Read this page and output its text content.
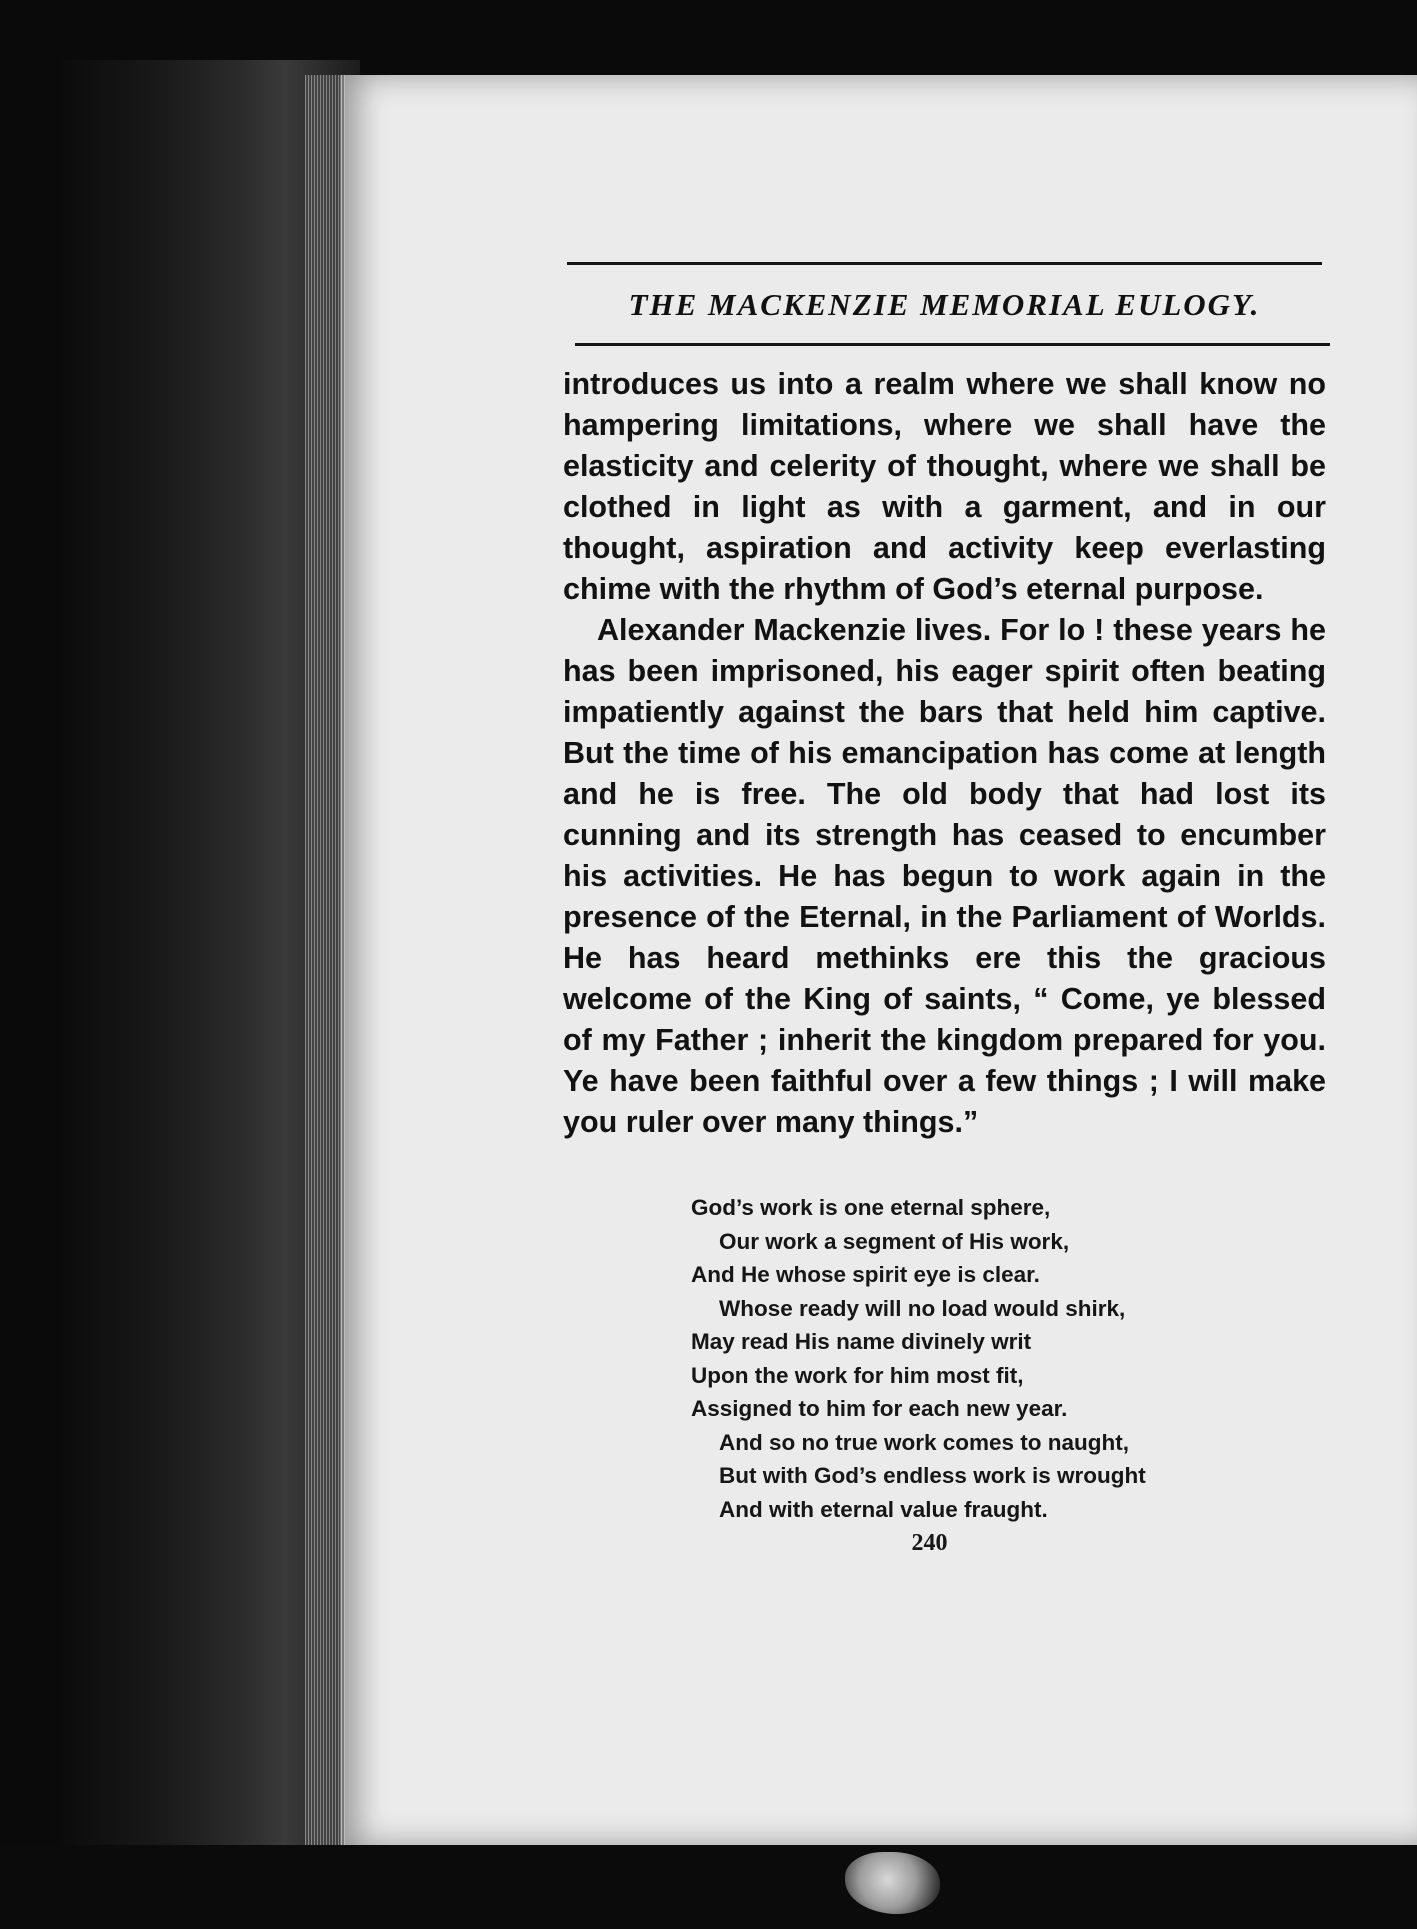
THE MACKENZIE MEMORIAL EULOGY.

introduces us into a realm where we shall know no hampering limitations, where we shall have the elasticity and celerity of thought, where we shall be clothed in light as with a garment, and in our thought, aspiration and activity keep everlasting chime with the rhythm of God’s eternal purpose.

Alexander Mackenzie lives. For lo ! these years he has been imprisoned, his eager spirit often beating impatiently against the bars that held him captive. But the time of his emancipation has come at length and he is free. The old body that had lost its cunning and its strength has ceased to encumber his activities. He has begun to work again in the presence of the Eternal, in the Parliament of Worlds. He has heard methinks ere this the gracious welcome of the King of saints, “ Come, ye blessed of my Father ; inherit the kingdom prepared for you. Ye have been faithful over a few things ; I will make you ruler over many things.”

God’s work is one eternal sphere,
Our work a segment of His work,
And He whose spirit eye is clear.
Whose ready will no load would shirk,
May read His name divinely writ
Upon the work for him most fit,
Assigned to him for each new year.
And so no true work comes to naught,
But with God’s endless work is wrought
And with eternal value fraught.
240
